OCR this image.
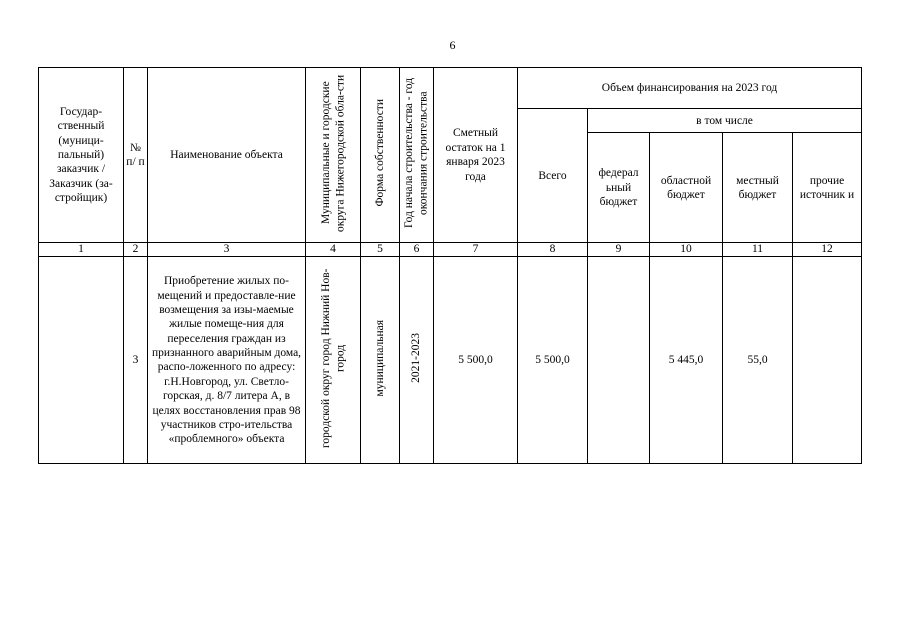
6
Государ-ственный (муници-пальный) заказчик / Заказчик (за-стройщик)	№ п/ п	Наименование объекта	Муниципальные и городские округа Нижегородской обла-сти	Форма собственности	Год начала строительства - год окончания строительства	Сметный остаток на 1 января 2023 года	Объем финансирования на 2023 год				
							Всего	в том числе			
								федерал ьный бюджет	областной бюджет	местный бюджет	прочие источник и
1	2	3	4	5	6	7	8	9	10	11	12
	3	Приобретение жилых по-мещений и предоставле-ние возмещения за изы-маемые жилые помеще-ния для переселения граждан из признанного аварийным дома, распо-ложенного по адресу: г.Н.Новгород, ул. Светло-горская, д. 8/7 литера А, в целях восстановления прав 98 участников стро-ительства «проблемного» объекта	городской округ город Нижний Нов-город	муниципальная	2021-2023	5 500,0	5 500,0		5 445,0	55,0	
